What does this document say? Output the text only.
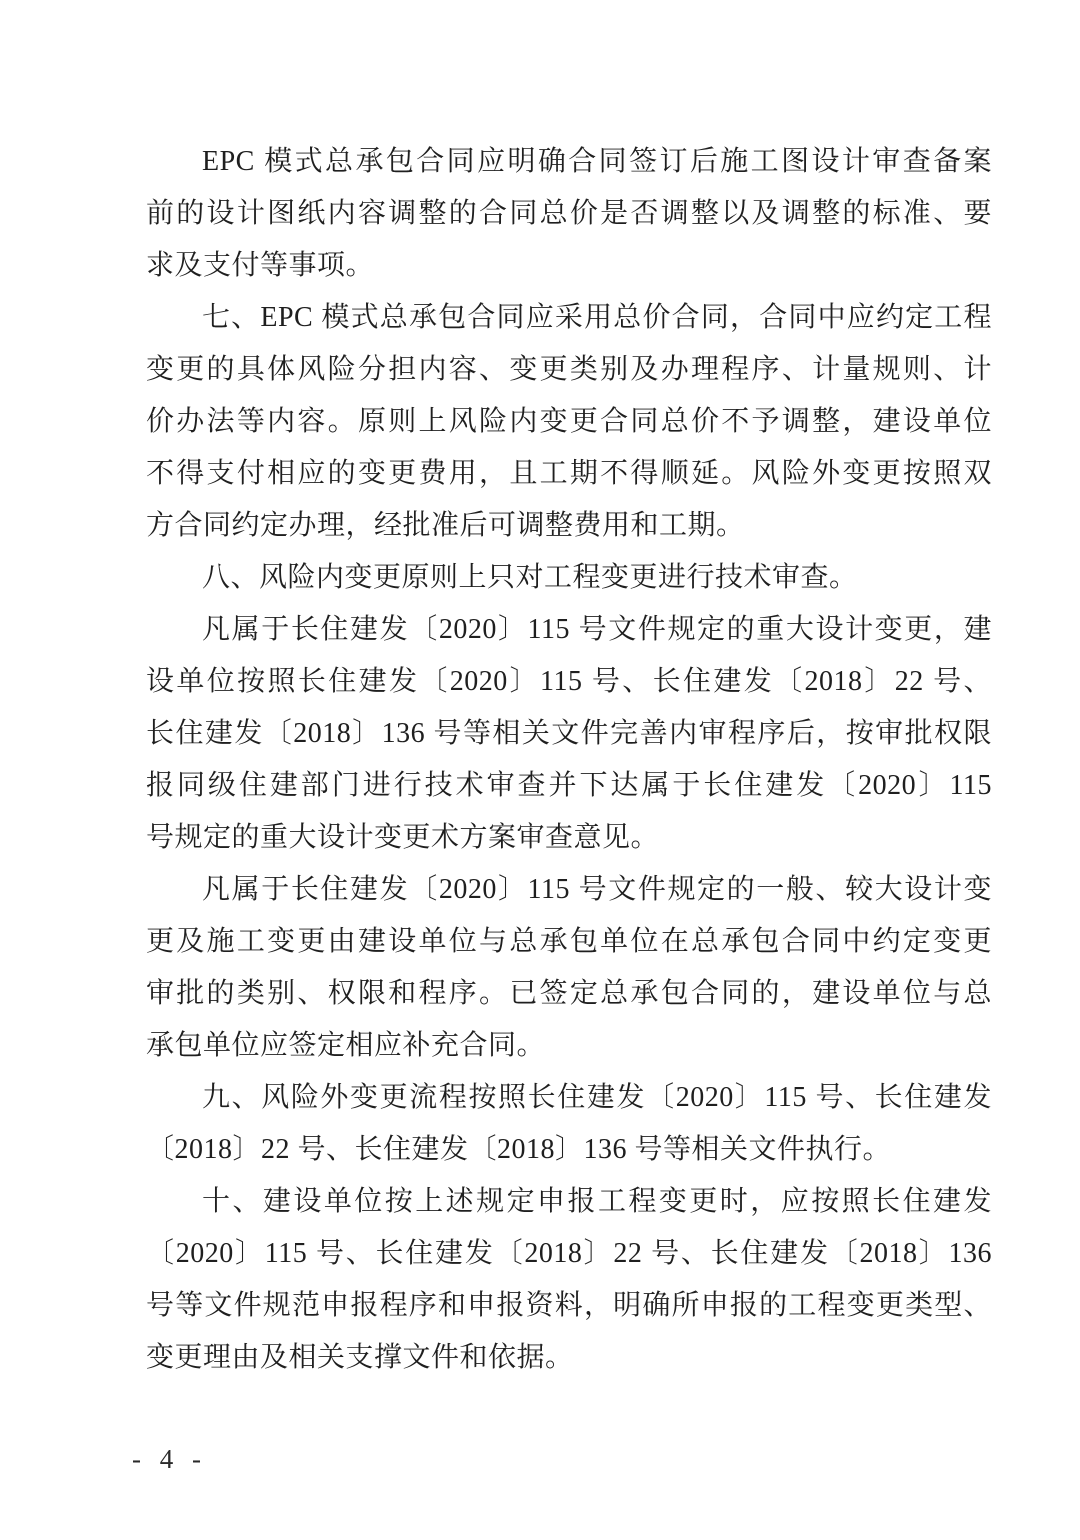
EPC 模式总承包合同应明确合同签订后施工图设计审查备案
前的设计图纸内容调整的合同总价是否调整以及调整的标准、要
求及支付等事项。
七、EPC 模式总承包合同应采用总价合同，合同中应约定工程
变更的具体风险分担内容、变更类别及办理程序、计量规则、计
价办法等内容。原则上风险内变更合同总价不予调整，建设单位
不得支付相应的变更费用，且工期不得顺延。风险外变更按照双
方合同约定办理，经批准后可调整费用和工期。
八、风险内变更原则上只对工程变更进行技术审查。
凡属于长住建发〔2020〕115 号文件规定的重大设计变更，建
设单位按照长住建发〔2020〕115 号、长住建发〔2018〕22 号、
长住建发〔2018〕136 号等相关文件完善内审程序后，按审批权限
报同级住建部门进行技术审查并下达属于长住建发〔2020〕115
号规定的重大设计变更术方案审查意见。
凡属于长住建发〔2020〕115 号文件规定的一般、较大设计变
更及施工变更由建设单位与总承包单位在总承包合同中约定变更
审批的类别、权限和程序。已签定总承包合同的，建设单位与总
承包单位应签定相应补充合同。
九、风险外变更流程按照长住建发〔2020〕115 号、长住建发
〔2018〕22 号、长住建发〔2018〕136 号等相关文件执行。
十、建设单位按上述规定申报工程变更时，应按照长住建发
〔2020〕115 号、长住建发〔2018〕22 号、长住建发〔2018〕136
号等文件规范申报程序和申报资料，明确所申报的工程变更类型、
变更理由及相关支撑文件和依据。
- 4 -
